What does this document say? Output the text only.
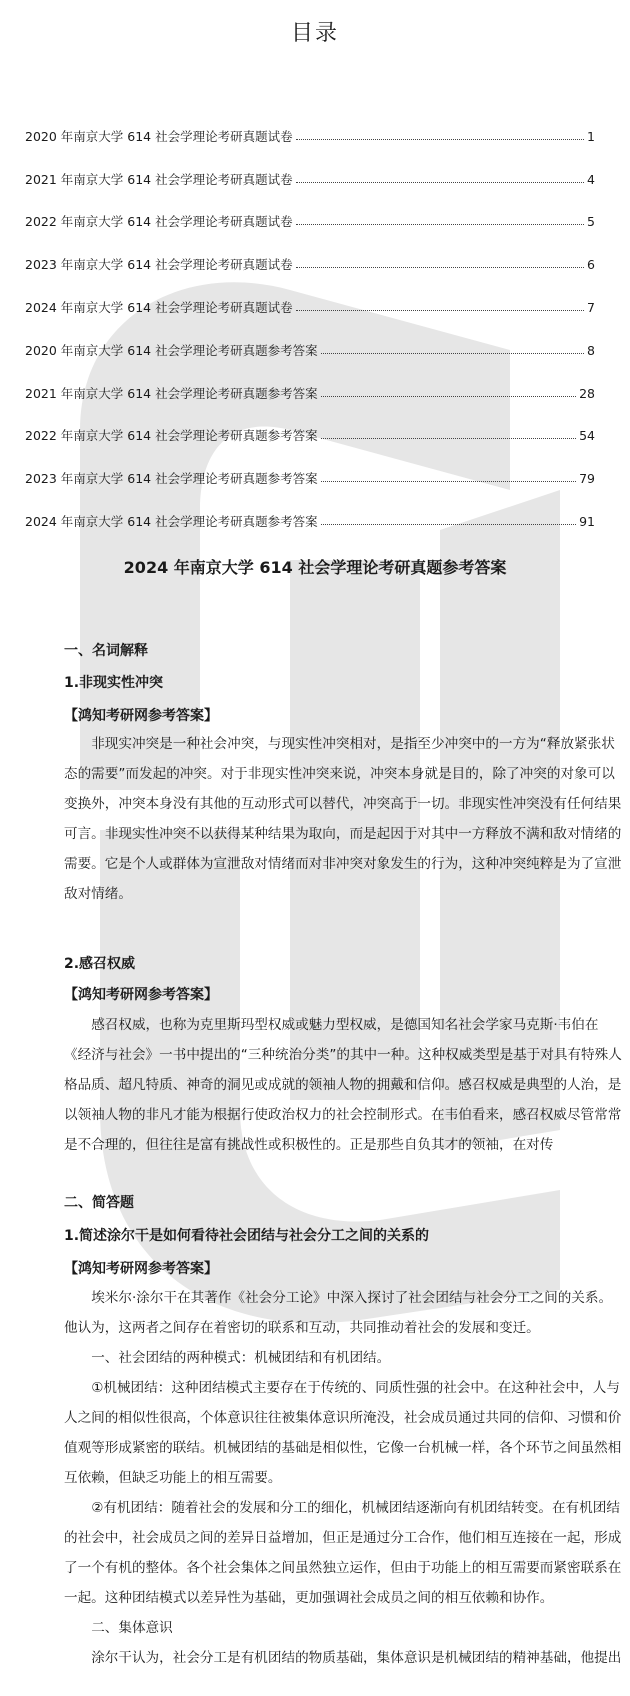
目录
2020 年南京大学 614 社会学理论考研真题试卷	1
2021 年南京大学 614 社会学理论考研真题试卷	4
2022 年南京大学 614 社会学理论考研真题试卷	5
2023 年南京大学 614 社会学理论考研真题试卷	6
2024 年南京大学 614 社会学理论考研真题试卷	7
2020 年南京大学 614 社会学理论考研真题参考答案	8
2021 年南京大学 614 社会学理论考研真题参考答案	28
2022 年南京大学 614 社会学理论考研真题参考答案	54
2023 年南京大学 614 社会学理论考研真题参考答案	79
2024 年南京大学 614 社会学理论考研真题参考答案	91
2024 年南京大学 614 社会学理论考研真题参考答案
一、名词解释
1.非现实性冲突
【鸿知考研网参考答案】
非现实冲突是一种社会冲突，与现实性冲突相对，是指至少冲突中的一方为“释放紧张状态的需要”而发起的冲突。对于非现实性冲突来说，冲突本身就是目的，除了冲突的对象可以变换外，冲突本身没有其他的互动形式可以替代，冲突高于一切。非现实性冲突没有任何结果可言。非现实性冲突不以获得某种结果为取向，而是起因于对其中一方释放不满和敌对情绪的需要。它是个人或群体为宣泄敌对情绪而对非冲突对象发生的行为，这种冲突纯粹是为了宣泄敌对情绪。
2.感召权威
【鸿知考研网参考答案】
感召权威，也称为克里斯玛型权威或魅力型权威，是德国知名社会学家马克斯·韦伯在《经济与社会》一书中提出的“三种统治分类”的其中一种。这种权威类型是基于对具有特殊人格品质、超凡特质、神奇的洞见或成就的领袖人物的拥戴和信仰。感召权威是典型的人治，是以领袖人物的非凡才能为根据行使政治权力的社会控制形式。在韦伯看来，感召权威尽管常常是不合理的，但往往是富有挑战性或积极性的。正是那些自负其才的领袖，在对传
二、简答题
1.简述涂尔干是如何看待社会团结与社会分工之间的关系的
【鸿知考研网参考答案】
埃米尔·涂尔干在其著作《社会分工论》中深入探讨了社会团结与社会分工之间的关系。他认为，这两者之间存在着密切的联系和互动，共同推动着社会的发展和变迁。
一、社会团结的两种模式：机械团结和有机团结。
①机械团结：这种团结模式主要存在于传统的、同质性强的社会中。在这种社会中，人与人之间的相似性很高，个体意识往往被集体意识所淹没，社会成员通过共同的信仰、习惯和价值观等形成紧密的联结。机械团结的基础是相似性，它像一台机械一样，各个环节之间虽然相互依赖，但缺乏功能上的相互需要。
②有机团结：随着社会的发展和分工的细化，机械团结逐渐向有机团结转变。在有机团结的社会中，社会成员之间的差异日益增加，但正是通过分工合作，他们相互连接在一起，形成了一个有机的整体。各个社会集体之间虽然独立运作，但由于功能上的相互需要而紧密联系在一起。这种团结模式以差异性为基础，更加强调社会成员之间的相互依赖和协作。
二、集体意识
涂尔干认为，社会分工是有机团结的物质基础，集体意识是机械团结的精神基础，他提出
